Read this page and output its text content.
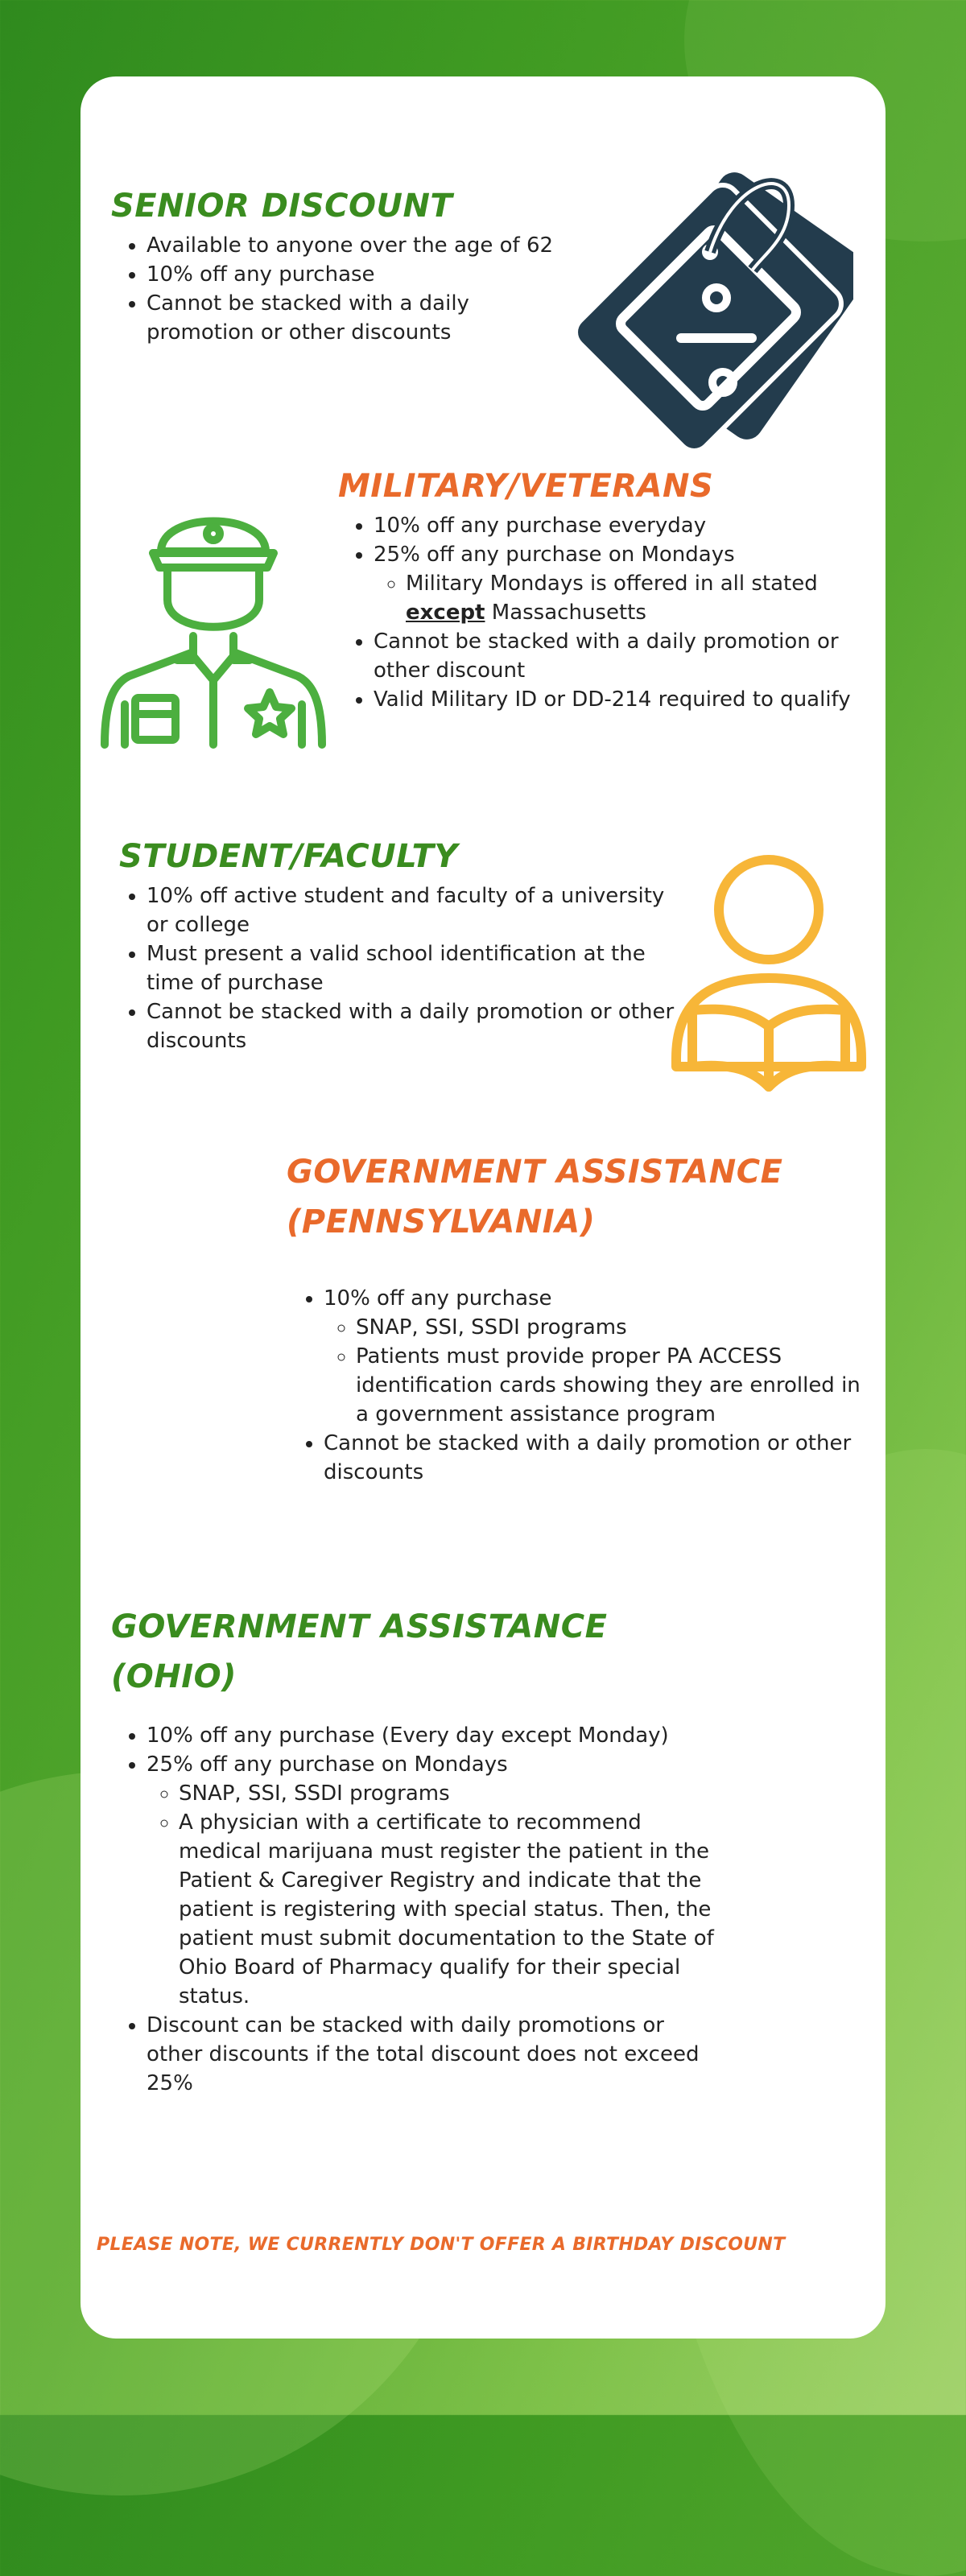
SENIOR DISCOUNT
• Available to anyone over the age of 62
• 10% off any purchase
• Cannot be stacked with a daily promotion or other discounts
MILITARY/VETERANS
• 10% off any purchase everyday
• 25% off any purchase on Mondays
◦ Military Mondays is offered in all stated except Massachusetts
• Cannot be stacked with a daily promotion or other discount
• Valid Military ID or DD-214 required to qualify
STUDENT/FACULTY
• 10% off active student and faculty of a university or college
• Must present a valid school identification at the time of purchase
• Cannot be stacked with a daily promotion or other discounts
GOVERNMENT ASSISTANCE
(PENNSYLVANIA)
• 10% off any purchase
◦ SNAP, SSI, SSDI programs
◦ Patients must provide proper PA ACCESS identification cards showing they are enrolled in a government assistance program
• Cannot be stacked with a daily promotion or other discounts
GOVERNMENT ASSISTANCE
(OHIO)
• 10% off any purchase (Every day except Monday)
• 25% off any purchase on Mondays
◦ SNAP, SSI, SSDI programs
◦ A physician with a certificate to recommend medical marijuana must register the patient in the Patient & Caregiver Registry and indicate that the patient is registering with special status. Then, the patient must submit documentation to the State of Ohio Board of Pharmacy qualify for their special status.
• Discount can be stacked with daily promotions or other discounts if the total discount does not exceed 25%
PLEASE NOTE, WE CURRENTLY DON'T OFFER A BIRTHDAY DISCOUNT
